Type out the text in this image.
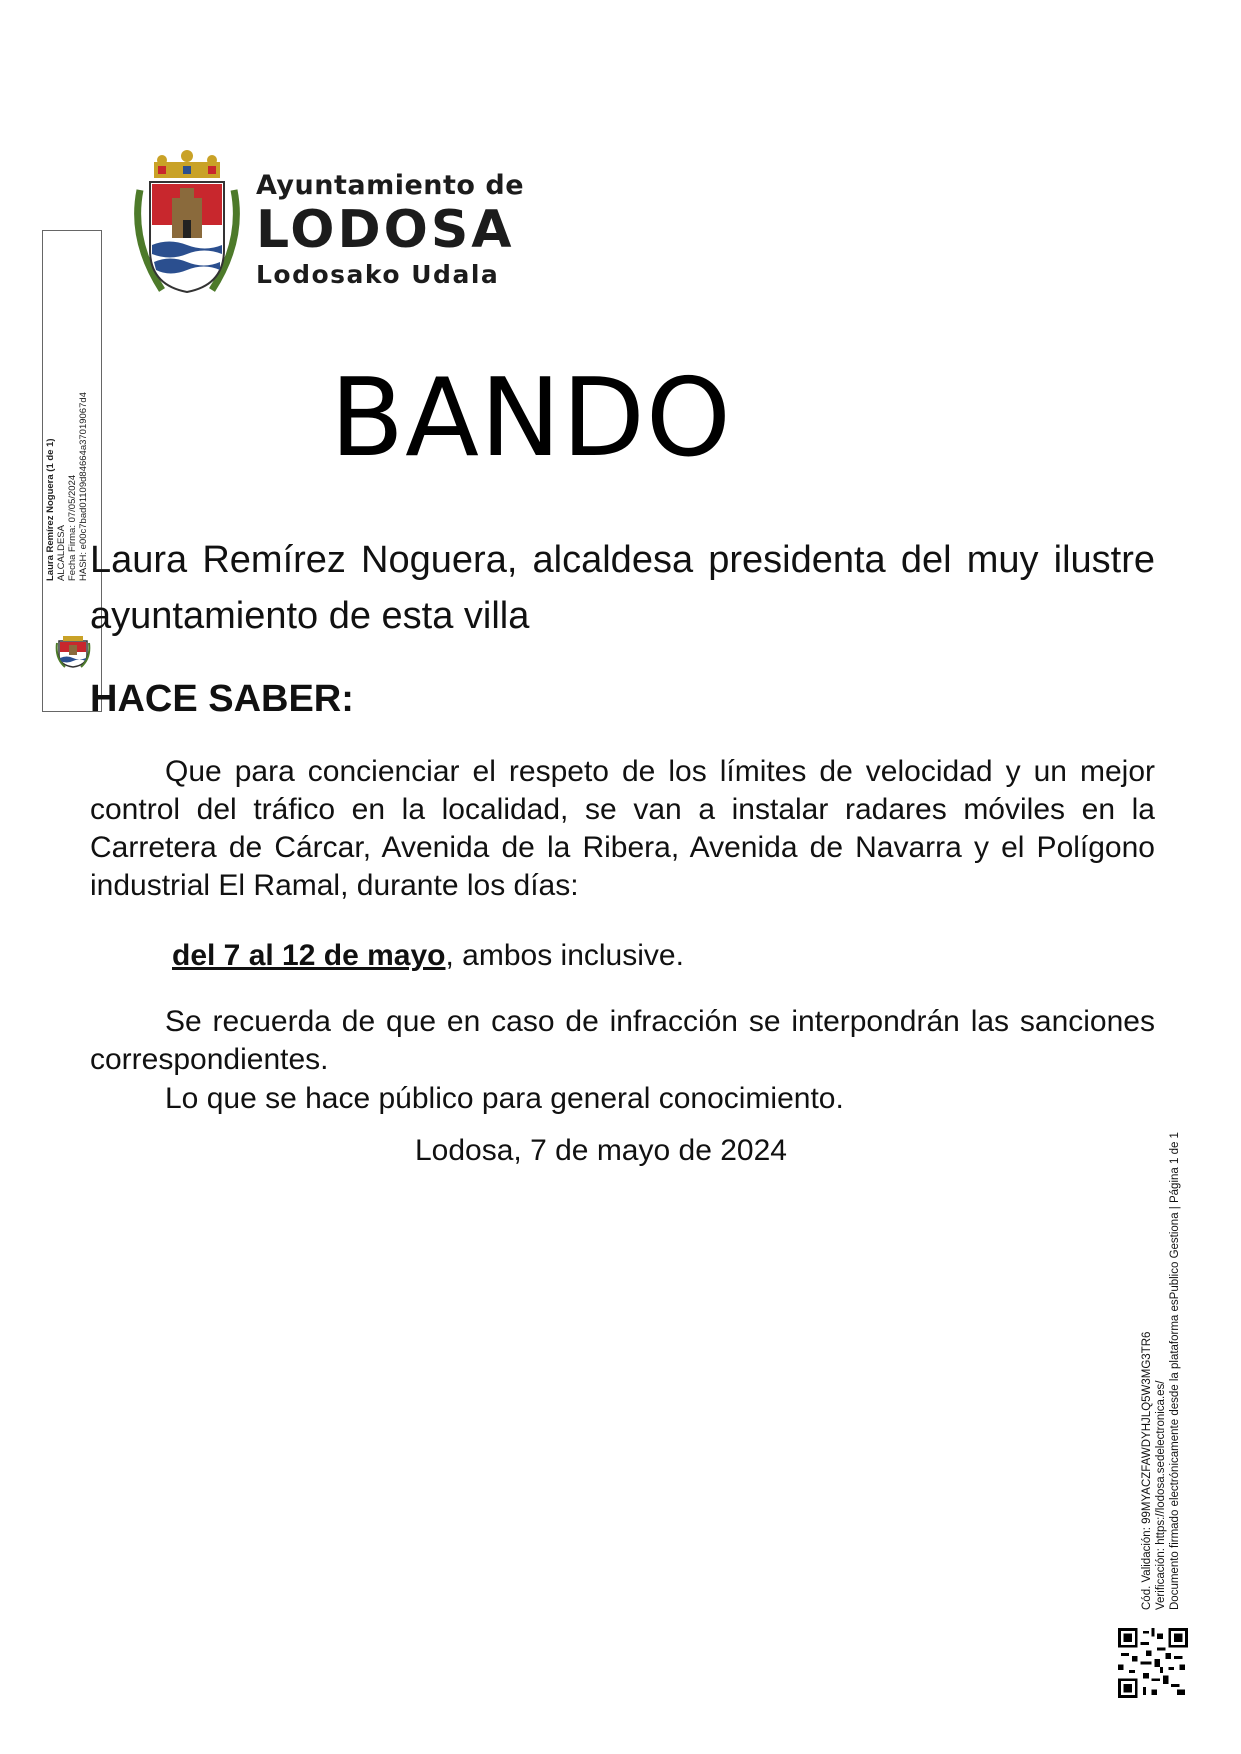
Ayuntamiento de
LODOSA
Lodosako Udala
Laura Remírez Noguera (1 de 1) ALCALDESA Fecha Firma: 07/05/2024 HASH: e00c7bad01109d84664a37019067d4 BANDO
Laura Remírez Noguera, alcaldesa presidenta del muy ilustre ayuntamiento de esta villa
HACE SABER:
Que para concienciar el respeto de los límites de velocidad y un mejor control del tráfico en la localidad, se van a instalar radares móviles en la Carretera de Cárcar, Avenida de la Ribera, Avenida de Navarra y el Polígono industrial El Ramal, durante los días:
del 7 al 12 de mayo, ambos inclusive.
Se recuerda de que en caso de infracción se interpondrán las sanciones correspondientes.
Lo que se hace público para general conocimiento.
Lodosa, 7 de mayo de 2024
Cód. Validación: 99MYACZFAWDYHJLQ5W3MG3TR6 Verificación: https://lodosa.sedelectronica.es/ Documento firmado electrónicamente desde la plataforma esPublico Gestiona | Página 1 de 1
